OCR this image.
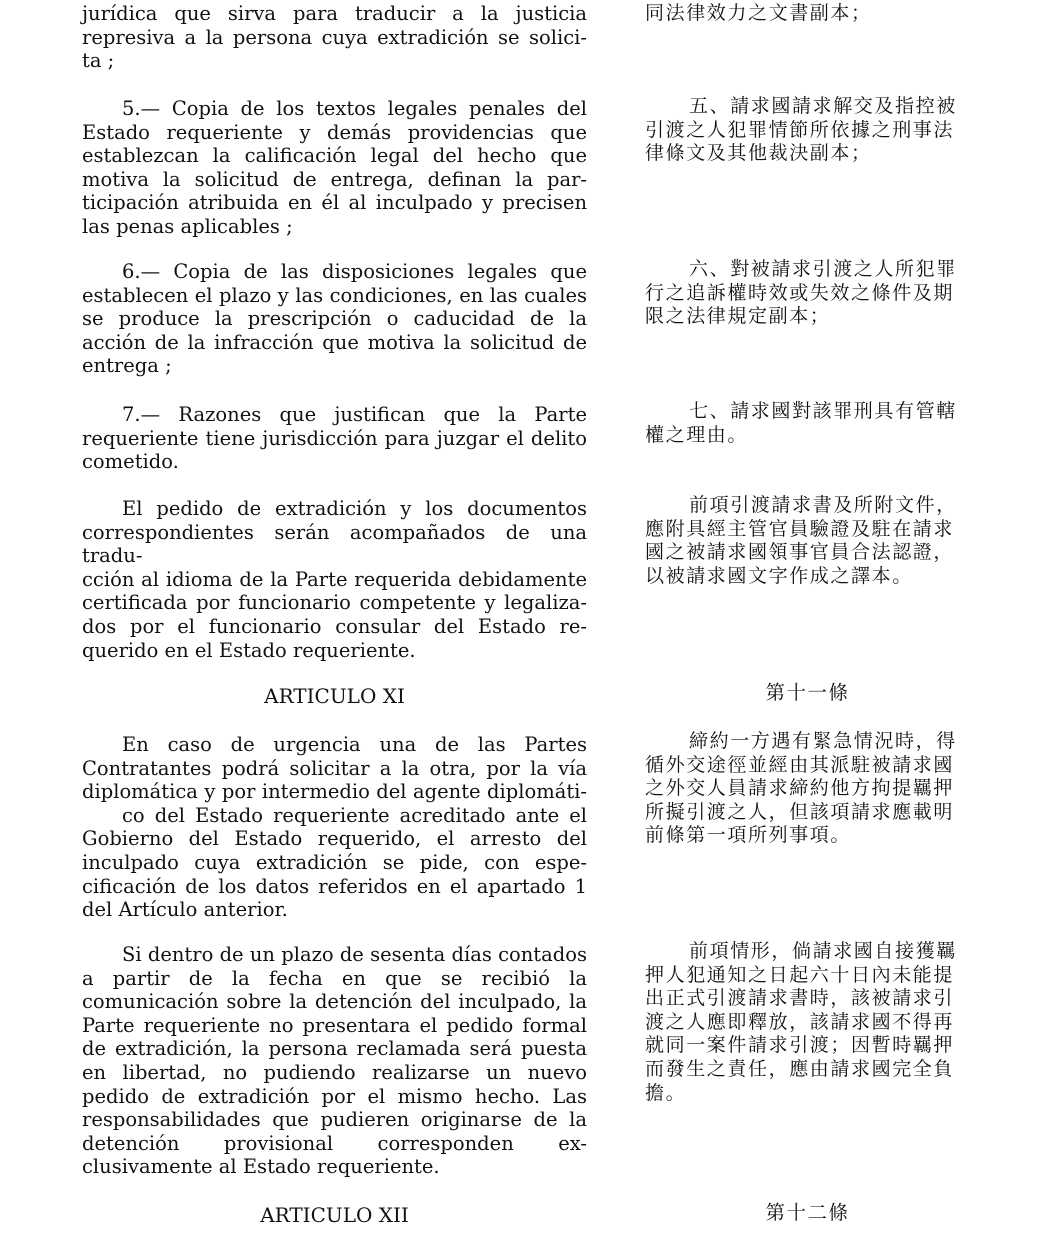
jurídica que sirva para traducir a la justicia
represiva a la persona cuya extradición se solici-
ta ;

5.— Copia de los textos legales penales del
Estado requeriente y demás providencias que
establezcan la calificación legal del hecho que
motiva la solicitud de entrega, definan la par-
ticipación atribuida en él al inculpado y precisen
las penas aplicables ;

6.— Copia de las disposiciones legales que
establecen el plazo y las condiciones, en las cuales
se produce la prescripción o caducidad de la
acción de la infracción que motiva la solicitud de
entrega ;

7.— Razones que justifican que la Parte
requeriente tiene jurisdicción para juzgar el delito
cometido.

El pedido de extradición y los documentos
correspondientes serán acompañados de una tradu-
cción al idioma de la Parte requerida debidamente
certificada por funcionario competente y legaliza-
dos por el funcionario consular del Estado re-
querido en el Estado requeriente.

ARTICULO XI

En caso de urgencia una de las Partes
Contratantes podrá solicitar a la otra, por la vía
diplomática y por intermedio del agente diplomáti-
co del Estado requeriente acreditado ante el
Gobierno del Estado requerido, el arresto del
inculpado cuya extradición se pide, con espe-
cificación de los datos referidos en el apartado 1
del Artículo anterior.

Si dentro de un plazo de sesenta días contados
a partir de la fecha en que se recibió la
comunicación sobre la detención del inculpado, la
Parte requeriente no presentara el pedido formal
de extradición, la persona reclamada será puesta
en libertad, no pudiendo realizarse un nuevo
pedido de extradición por el mismo hecho. Las
responsabilidades que pudieren originarse de la
detención provisional corresponden ex-
clusivamente al Estado requeriente.

ARTICULO XII

同法律效力之文書副本；

五、請求國請求解交及指控被
引渡之人犯罪情節所依據之刑事法
律條文及其他裁決副本；

六、對被請求引渡之人所犯罪
行之追訴權時效或失效之條件及期
限之法律規定副本；

七、請求國對該罪刑具有管轄
權之理由。

前項引渡請求書及所附文件，
應附具經主管官員驗證及駐在請求
國之被請求國領事官員合法認證，
以被請求國文字作成之譯本。

第十一條

締約一方遇有緊急情況時，得
循外交途徑並經由其派駐被請求國
之外交人員請求締約他方拘提羈押
所擬引渡之人，但該項請求應載明
前條第一項所列事項。

前項情形，倘請求國自接獲羈
押人犯通知之日起六十日內未能提
出正式引渡請求書時，該被請求引
渡之人應即釋放，該請求國不得再
就同一案件請求引渡；因暫時羈押
而發生之責任，應由請求國完全負
擔。

第十二條
